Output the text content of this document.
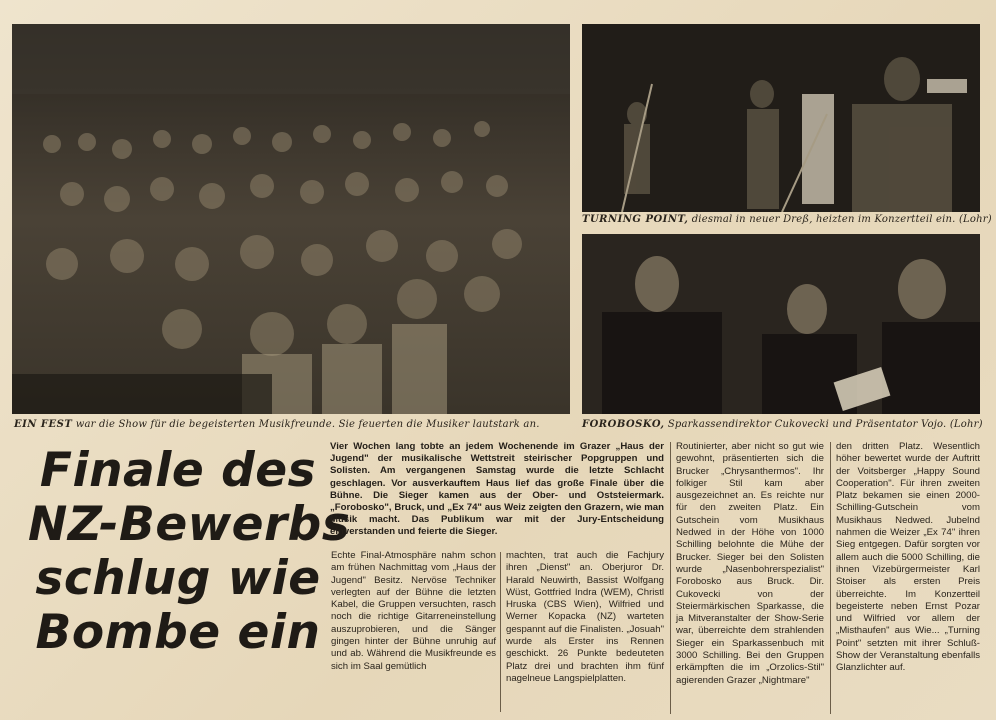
EIN FEST war die Show für die begeisterten Musikfreunde. Sie feuerten die Musiker lautstark an.
TURNING POINT, diesmal in neuer Dreß, heizten im Konzertteil ein. (Lohr)
FOROBOSKO, Sparkassendirektor Cukovecki und Präsentator Vojo. (Lohr)
Finale des
NZ-Bewerbs
schlug wie
Bombe ein
Vier Wochen lang tobte an jedem Wochenende im Grazer „Haus der Jugend" der musikalische Wettstreit steirischer Popgruppen und Solisten. Am vergangenen Samstag wurde die letzte Schlacht geschlagen. Vor ausverkauftem Haus lief das große Finale über die Bühne. Die Sieger kamen aus der Ober- und Oststeiermark. „Forobosko", Bruck, und „Ex 74" aus Weiz zeigten den Grazern, wie man Musik macht. Das Publikum war mit der Jury-Entscheidung einverstanden und feierte die Sieger.

Echte Final-Atmosphäre nahm schon am frühen Nachmittag vom „Haus der Jugend" Besitz. Nervöse Techniker verlegten auf der Bühne die letzten Kabel, die Gruppen versuchten, rasch noch die richtige Gitarreneinstellung auszuprobieren, und die Sänger gingen hinter der Bühne unruhig auf und ab. Während die Musikfreunde es sich im Saal gemütlich

machten, trat auch die Fachjury ihren „Dienst" an. Oberjuror Dr. Harald Neuwirth, Bassist Wolfgang Wüst, Gottfried Indra (WEM), Christl Hruska (CBS Wien), Wilfried und Werner Kopacka (NZ) warteten gespannt auf die Finalisten. „Josuah" wurde als Erster ins Rennen geschickt. 26 Punkte bedeuteten Platz drei und brachten ihm fünf nagelneue Langspielplatten.

Routinierter, aber nicht so gut wie gewohnt, präsentierten sich die Brucker „Chrysanthermos". Ihr folkiger Stil kam aber ausgezeichnet an. Es reichte nur für den zweiten Platz. Ein Gutschein vom Musikhaus Nedwed in der Höhe von 1000 Schilling belohnte die Mühe der Brucker. Sieger bei den Solisten wurde „Nasenbohrerspezialist" Forobosko aus Bruck. Dir. Cukovecki von der Steiermärkischen Sparkasse, die ja Mitveranstalter der Show-Serie war, überreichte dem strahlenden Sieger ein Sparkassenbuch mit 3000 Schilling. Bei den Gruppen erkämpften die im „Orzolics-Stil" agierenden Grazer „Nightmare"

den dritten Platz. Wesentlich höher bewertet wurde der Auftritt der Voitsberger „Happy Sound Cooperation". Für ihren zweiten Platz bekamen sie einen 2000-Schilling-Gutschein vom Musikhaus Nedwed. Jubelnd nahmen die Weizer „Ex 74" ihren Sieg entgegen. Dafür sorgten vor allem auch die 5000 Schilling, die ihnen Vizebürgermeister Karl Stoiser als ersten Preis überreichte. Im Konzertteil begeisterte neben Ernst Pozar und Wilfried vor allem der „Misthaufen" aus Wie... „Turning Point" setzten mit ihrer Schluß-Show der Veranstaltung ebenfalls Glanzlichter auf.
